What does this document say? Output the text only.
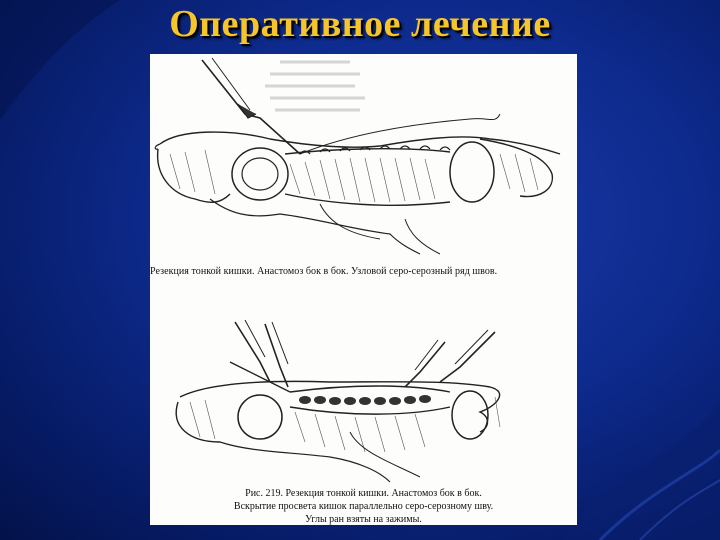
Оперативное лечение
Резекция тонкой кишки. Анастомоз бок в бок. Узловой серо-серозный ряд швов.
Рис. 219. Резекция тонкой кишки. Анастомоз бок в бок.
Вскрытие просвета кишок параллельно серо-серозному шву.
Углы ран взяты на зажимы.
